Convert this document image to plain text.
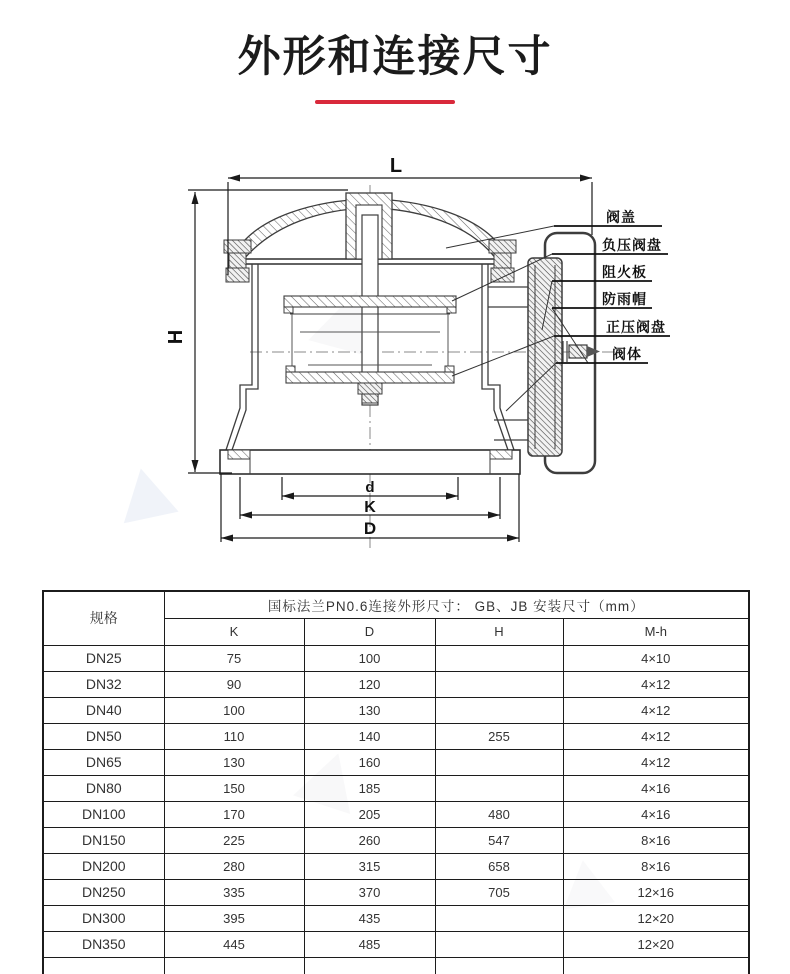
外形和连接尺寸
L
H
d
K
D
阀盖
负压阀盘
阻火板
防雨帽
正压阀盘
阀体
规格	国标法兰PN0.6连接外形尺寸： GB、JB 安装尺寸（mm）			
	K	D	H	M-h
DN25	75	100		4×10
DN32	90	120		4×12
DN40	100	130		4×12
DN50	110	140	255	4×12
DN65	130	160		4×12
DN80	150	185		4×16
DN100	170	205	480	4×16
DN150	225	260	547	8×16
DN200	280	315	658	8×16
DN250	335	370	705	12×16
DN300	395	435		12×20
DN350	445	485		12×20
